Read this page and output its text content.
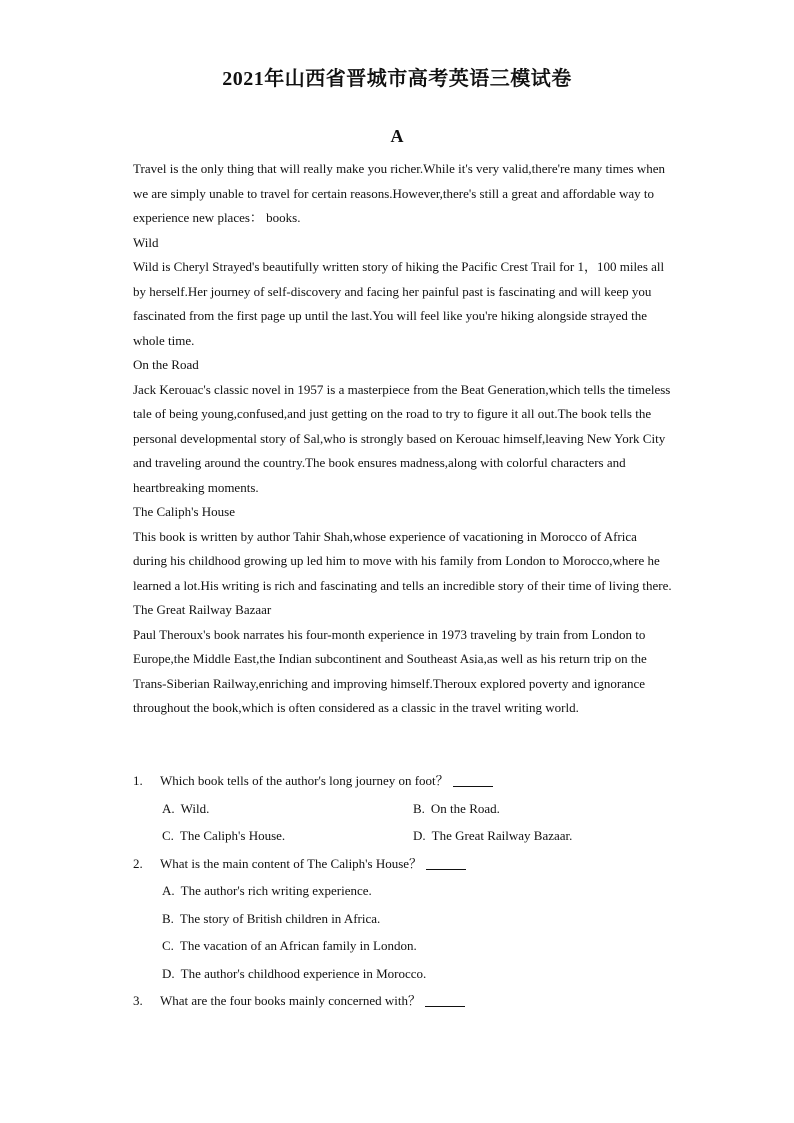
2021年山西省晋城市高考英语三模试卷
A

Travel is the only thing that will really make you richer.While it's very valid,there're many times when we are simply unable to travel for certain reasons.However,there's still a great and affordable way to experience new places： books.

Wild

Wild is Cheryl Strayed's beautifully written story of hiking the Pacific Crest Trail for 1，100 miles all by herself.Her journey of self-discovery and facing her painful past is fascinating and will keep you fascinated from the first page up until the last.You will feel like you're hiking alongside strayed the whole time.

On the Road

Jack Kerouac's classic novel in 1957 is a masterpiece from the Beat Generation,which tells the timeless tale of being young,confused,and just getting on the road to try to figure it all out.The book tells the personal developmental story of Sal,who is strongly based on Kerouac himself,leaving New York City and traveling around the country.The book ensures madness,along with colorful characters and heartbreaking moments.

The Caliph's House

This book is written by author Tahir Shah,whose experience of vacationing in Morocco of Africa during his childhood growing up led him to move with his family from London to Morocco,where he learned a lot.His writing is rich and fascinating and tells an incredible story of their time of living there.

The Great Railway Bazaar

Paul Theroux's book narrates his four-month experience in 1973 traveling by train from London to Europe,the Middle East,the Indian subcontinent and Southeast Asia,as well as his return trip on the Trans-Siberian Railway,enriching and improving himself.Theroux explored poverty and ignorance throughout the book,which is often considered as a classic in the travel writing world.

1. Which book tells of the author's long journey on foot？
A. Wild.	B. On the Road.
C. The Caliph's House.	D. The Great Railway Bazaar.
2. What is the main content of The Caliph's House？
A. The author's rich writing experience.
B. The story of British children in Africa.
C. The vacation of an African family in London.
D. The author's childhood experience in Morocco.
3. What are the four books mainly concerned with？
